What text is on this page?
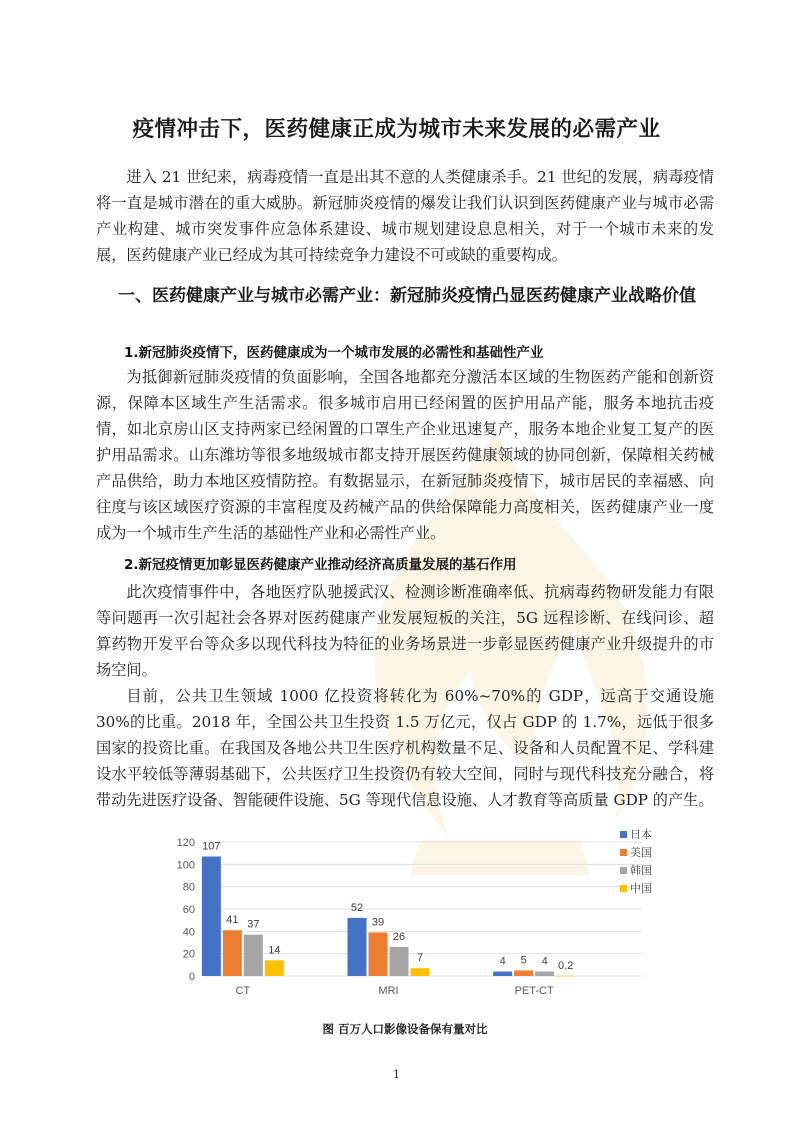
疫情冲击下，医药健康正成为城市未来发展的必需产业
进入 21 世纪来，病毒疫情一直是出其不意的人类健康杀手。21 世纪的发展，病毒疫情将一直是城市潜在的重大威胁。新冠肺炎疫情的爆发让我们认识到医药健康产业与城市必需产业构建、城市突发事件应急体系建设、城市规划建设息息相关，对于一个城市未来的发展，医药健康产业已经成为其可持续竞争力建设不可或缺的重要构成。
一、医药健康产业与城市必需产业：新冠肺炎疫情凸显医药健康产业战略价值
1.新冠肺炎疫情下，医药健康成为一个城市发展的必需性和基础性产业
为抵御新冠肺炎疫情的负面影响，全国各地都充分激活本区域的生物医药产能和创新资源，保障本区域生产生活需求。很多城市启用已经闲置的医护用品产能，服务本地抗击疫情，如北京房山区支持两家已经闲置的口罩生产企业迅速复产，服务本地企业复工复产的医护用品需求。山东潍坊等很多地级城市都支持开展医药健康领域的协同创新，保障相关药械产品供给，助力本地区疫情防控。有数据显示，在新冠肺炎疫情下，城市居民的幸福感、向往度与该区域医疗资源的丰富程度及药械产品的供给保障能力高度相关，医药健康产业一度成为一个城市生产生活的基础性产业和必需性产业。
2.新冠疫情更加彰显医药健康产业推动经济高质量发展的基石作用
此次疫情事件中，各地医疗队驰援武汉、检测诊断准确率低、抗病毒药物研发能力有限等问题再一次引起社会各界对医药健康产业发展短板的关注，5G 远程诊断、在线问诊、超算药物开发平台等众多以现代科技为特征的业务场景进一步彰显医药健康产业升级提升的市场空间。
目前，公共卫生领域 1000 亿投资将转化为 60%~70%的 GDP，远高于交通设施 30%的比重。2018 年，全国公共卫生投资 1.5 万亿元，仅占 GDP 的 1.7%，远低于很多国家的投资比重。在我国及各地公共卫生医疗机构数量不足、设备和人员配置不足、学科建设水平较低等薄弱基础下，公共医疗卫生投资仍有较大空间，同时与现代科技充分融合，将带动先进医疗设备、智能硬件设施、5G 等现代信息设施、人才教育等高质量 GDP 的产生。
0
20
40
60
80
100
120 107
41 37
14
CT
52
39
26
7
MRI
4 5 4 0.2
PET-CT
日本
美国
韩国
中国
图 百万人口影像设备保有量对比
1
